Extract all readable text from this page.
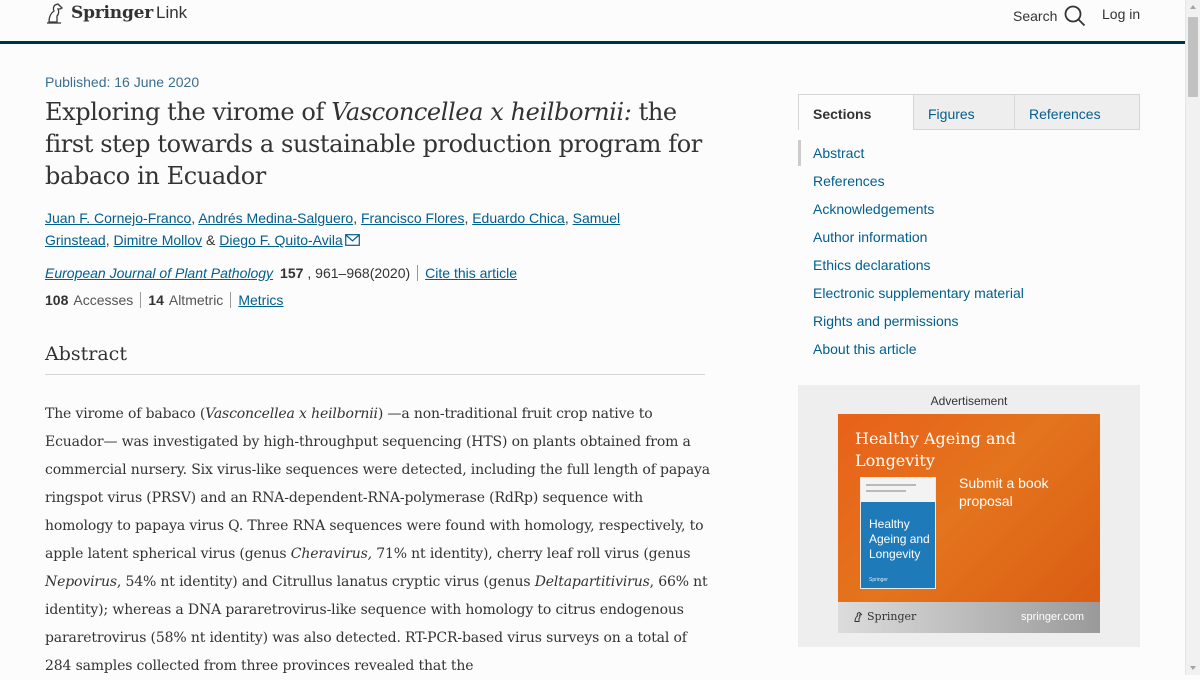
Springer Link	Search	Log in
Published: 16 June 2020
Exploring the virome of Vasconcellea x heilbornii: the first step towards a sustainable production program for babaco in Ecuador
Juan F. Cornejo-Franco, Andrés Medina-Salguero, Francisco Flores, Eduardo Chica, Samuel Grinstead, Dimitre Mollov & Diego F. Quito-Avila
European Journal of Plant Pathology 157 , 961–968(2020) Cite this article
108 Accesses 14 Altmetric Metrics
Abstract

The virome of babaco (Vasconcellea x heilbornii) —a non-traditional fruit crop native to Ecuador— was investigated by high-throughput sequencing (HTS) on plants obtained from a commercial nursery. Six virus-like sequences were detected, including the full length of papaya ringspot virus (PRSV) and an RNA-dependent-RNA-polymerase (RdRp) sequence with homology to papaya virus Q. Three RNA sequences were found with homology, respectively, to apple latent spherical virus (genus Cheravirus, 71% nt identity), cherry leaf roll virus (genus Nepovirus, 54% nt identity) and Citrullus lanatus cryptic virus (genus Deltapartitivirus, 66% nt identity); whereas a DNA pararetrovirus-like sequence with homology to citrus endogenous pararetrovirus (58% nt identity) was also detected. RT-PCR-based virus surveys on a total of 284 samples collected from three provinces revealed that the

Sections	Figures	References
Abstract
References
Acknowledgements
Author information
Ethics declarations
Electronic supplementary material
Rights and permissions
About this article
Advertisement
Healthy Ageing and Longevity
Submit a book proposal
Healthy Ageing and Longevity
Springer
Springer	springer.com
